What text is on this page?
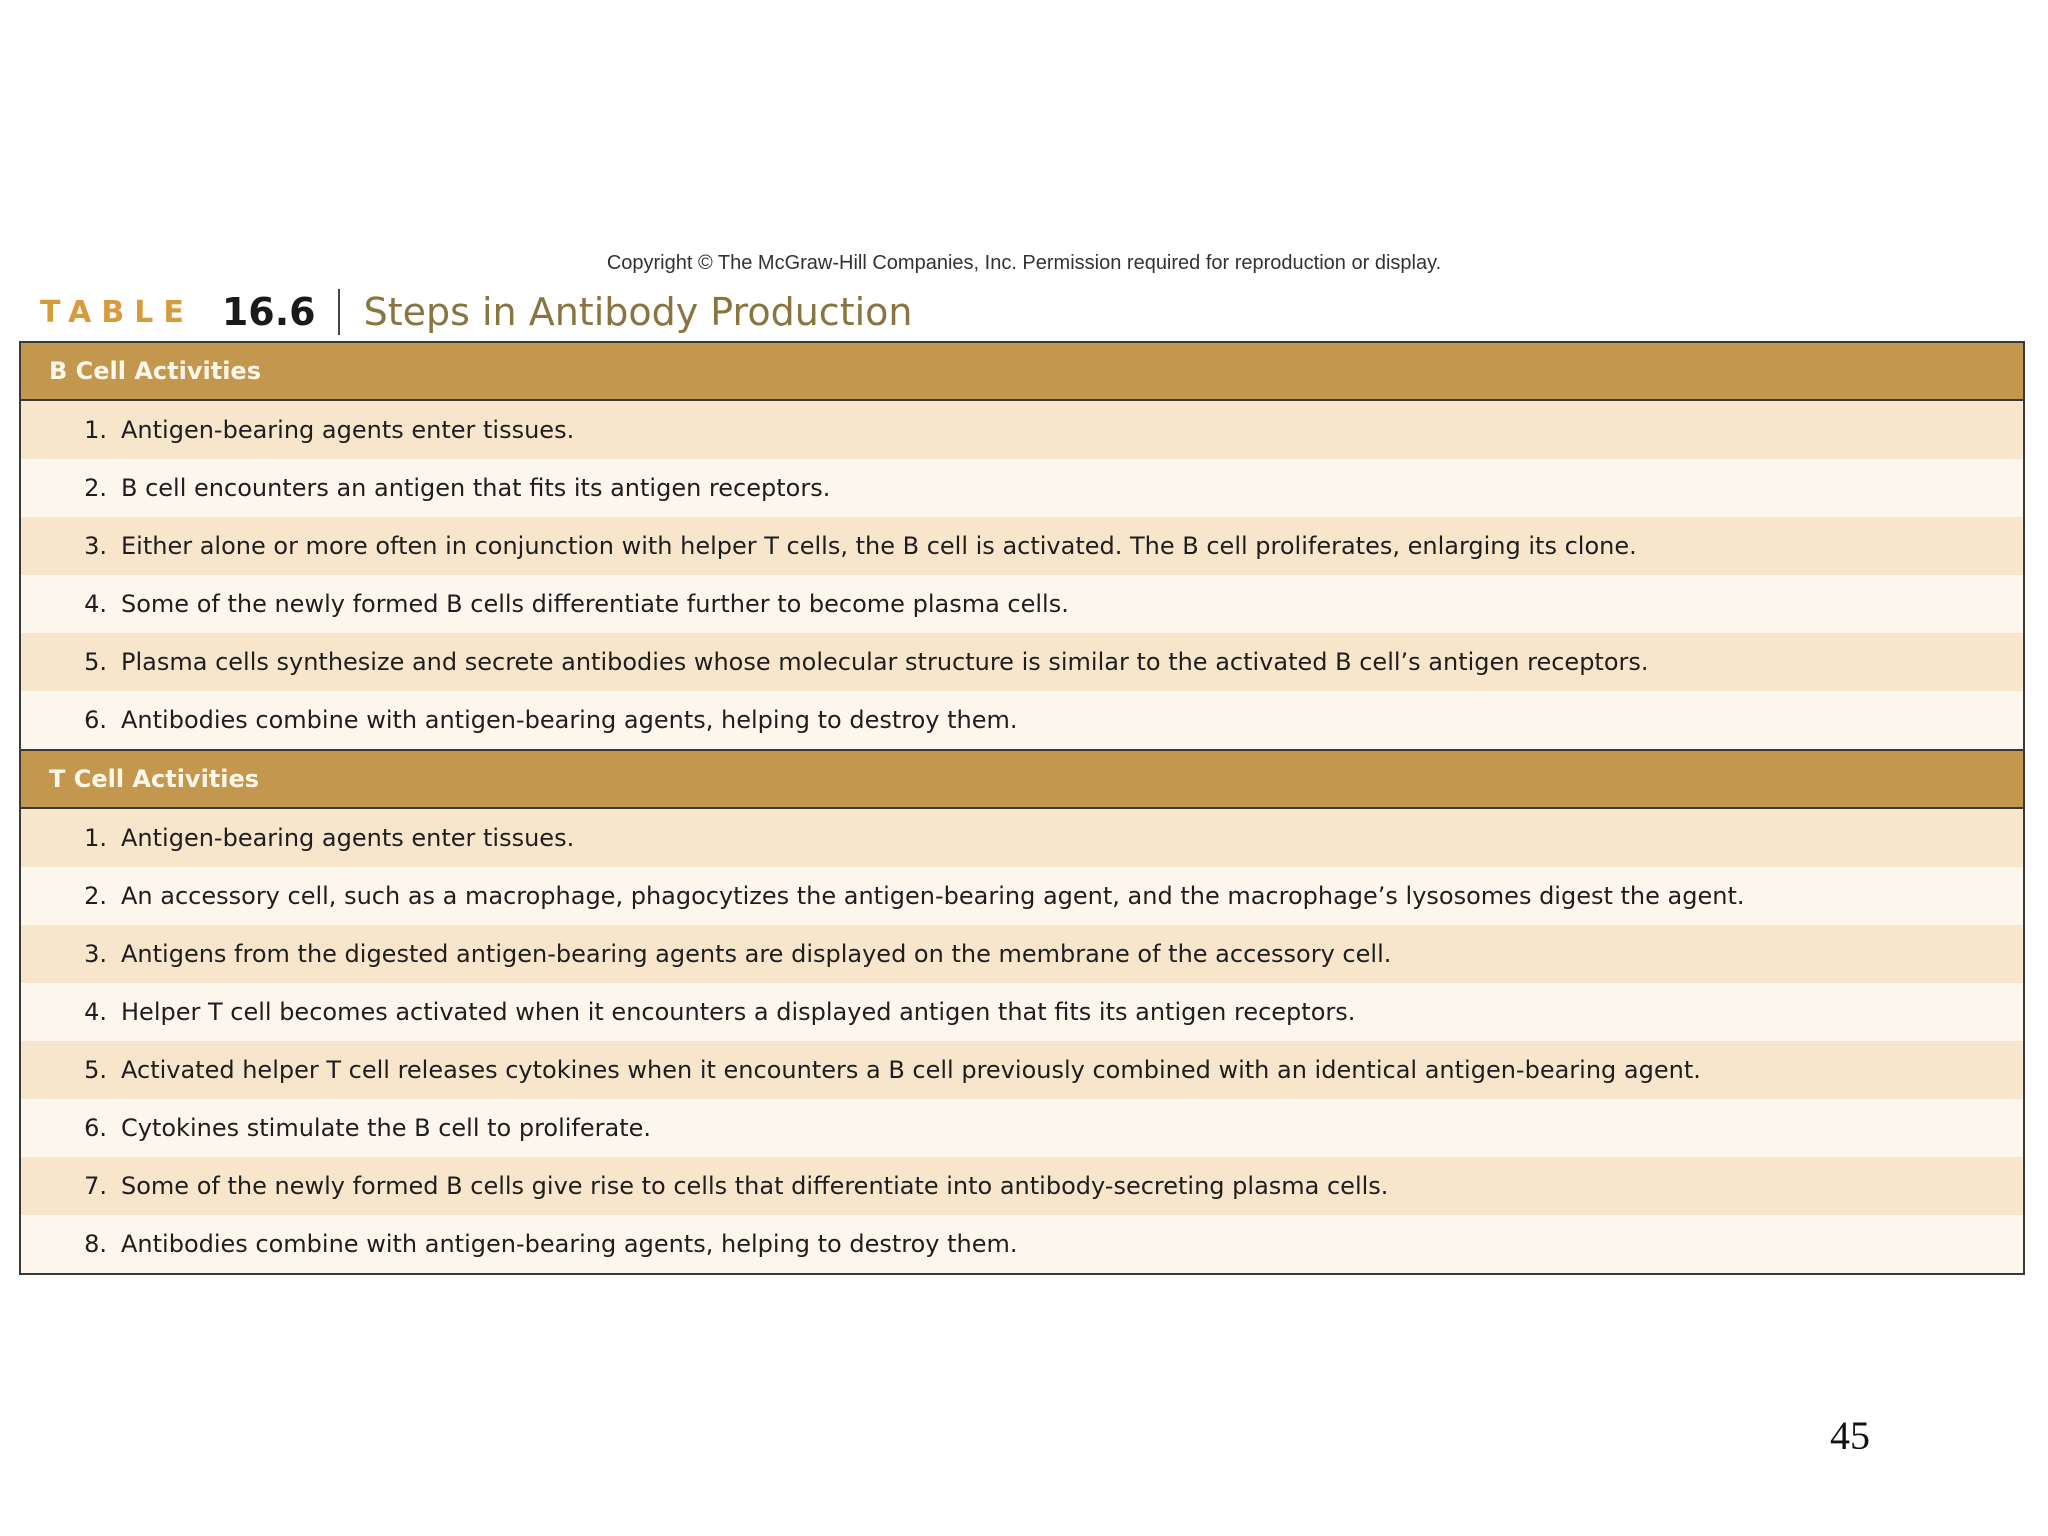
Copyright © The McGraw-Hill Companies, Inc. Permission required for reproduction or display.
TABLE 16.6 Steps in Antibody Production
B Cell Activities
1. Antigen-bearing agents enter tissues.
2. B cell encounters an antigen that fits its antigen receptors.
3. Either alone or more often in conjunction with helper T cells, the B cell is activated. The B cell proliferates, enlarging its clone.
4. Some of the newly formed B cells differentiate further to become plasma cells.
5. Plasma cells synthesize and secrete antibodies whose molecular structure is similar to the activated B cell’s antigen receptors.
6. Antibodies combine with antigen-bearing agents, helping to destroy them.
T Cell Activities
1. Antigen-bearing agents enter tissues.
2. An accessory cell, such as a macrophage, phagocytizes the antigen-bearing agent, and the macrophage’s lysosomes digest the agent.
3. Antigens from the digested antigen-bearing agents are displayed on the membrane of the accessory cell.
4. Helper T cell becomes activated when it encounters a displayed antigen that fits its antigen receptors.
5. Activated helper T cell releases cytokines when it encounters a B cell previously combined with an identical antigen-bearing agent.
6. Cytokines stimulate the B cell to proliferate.
7. Some of the newly formed B cells give rise to cells that differentiate into antibody-secreting plasma cells.
8. Antibodies combine with antigen-bearing agents, helping to destroy them.
45
